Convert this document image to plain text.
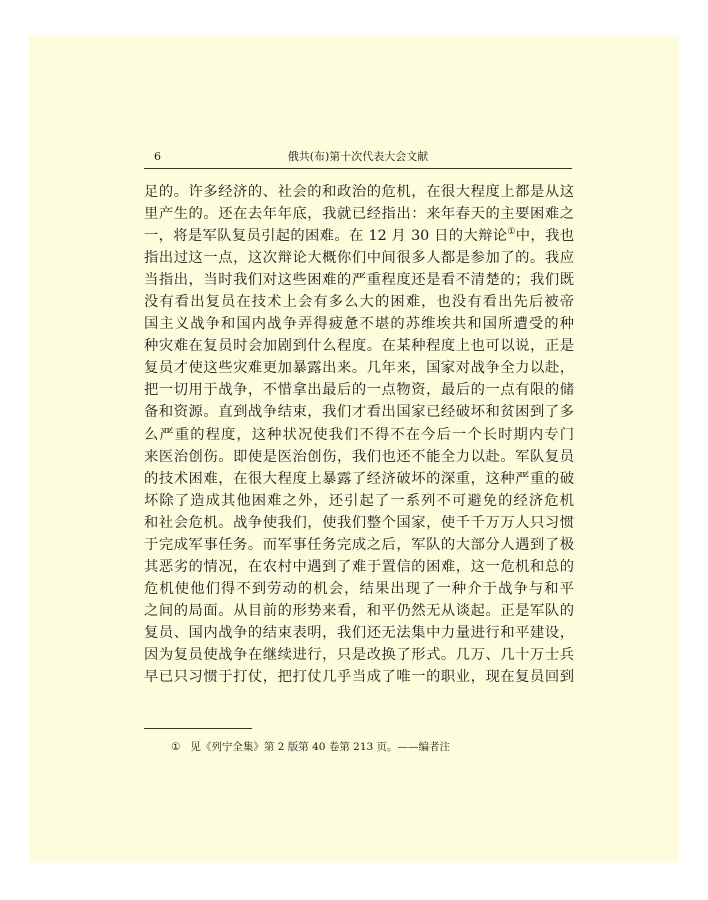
6	俄共(布)第十次代表大会文献
足的。许多经济的、社会的和政治的危机，在很大程度上都是从这
里产生的。还在去年年底，我就已经指出：来年春天的主要困难之
一，将是军队复员引起的困难。在 12 月 30 日的大辩论①中，我也
指出过这一点，这次辩论大概你们中间很多人都是参加了的。我应
当指出，当时我们对这些困难的严重程度还是看不清楚的；我们既
没有看出复员在技术上会有多么大的困难，也没有看出先后被帝
国主义战争和国内战争弄得疲惫不堪的苏维埃共和国所遭受的种
种灾难在复员时会加剧到什么程度。在某种程度上也可以说，正是
复员才使这些灾难更加暴露出来。几年来，国家对战争全力以赴，
把一切用于战争，不惜拿出最后的一点物资，最后的一点有限的储
备和资源。直到战争结束，我们才看出国家已经破坏和贫困到了多
么严重的程度，这种状况使我们不得不在今后一个长时期内专门
来医治创伤。即使是医治创伤，我们也还不能全力以赴。军队复员
的技术困难，在很大程度上暴露了经济破坏的深重，这种严重的破
坏除了造成其他困难之外，还引起了一系列不可避免的经济危机
和社会危机。战争使我们，使我们整个国家，使千千万万人只习惯
于完成军事任务。而军事任务完成之后，军队的大部分人遇到了极
其恶劣的情况，在农村中遇到了难于置信的困难，这一危机和总的
危机使他们得不到劳动的机会，结果出现了一种介于战争与和平
之间的局面。从目前的形势来看，和平仍然无从谈起。正是军队的
复员、国内战争的结束表明，我们还无法集中力量进行和平建设，
因为复员使战争在继续进行，只是改换了形式。几万、几十万士兵
早已只习惯于打仗，把打仗几乎当成了唯一的职业，现在复员回到
① 见《列宁全集》第 2 版第 40 卷第 213 页。——编者注
